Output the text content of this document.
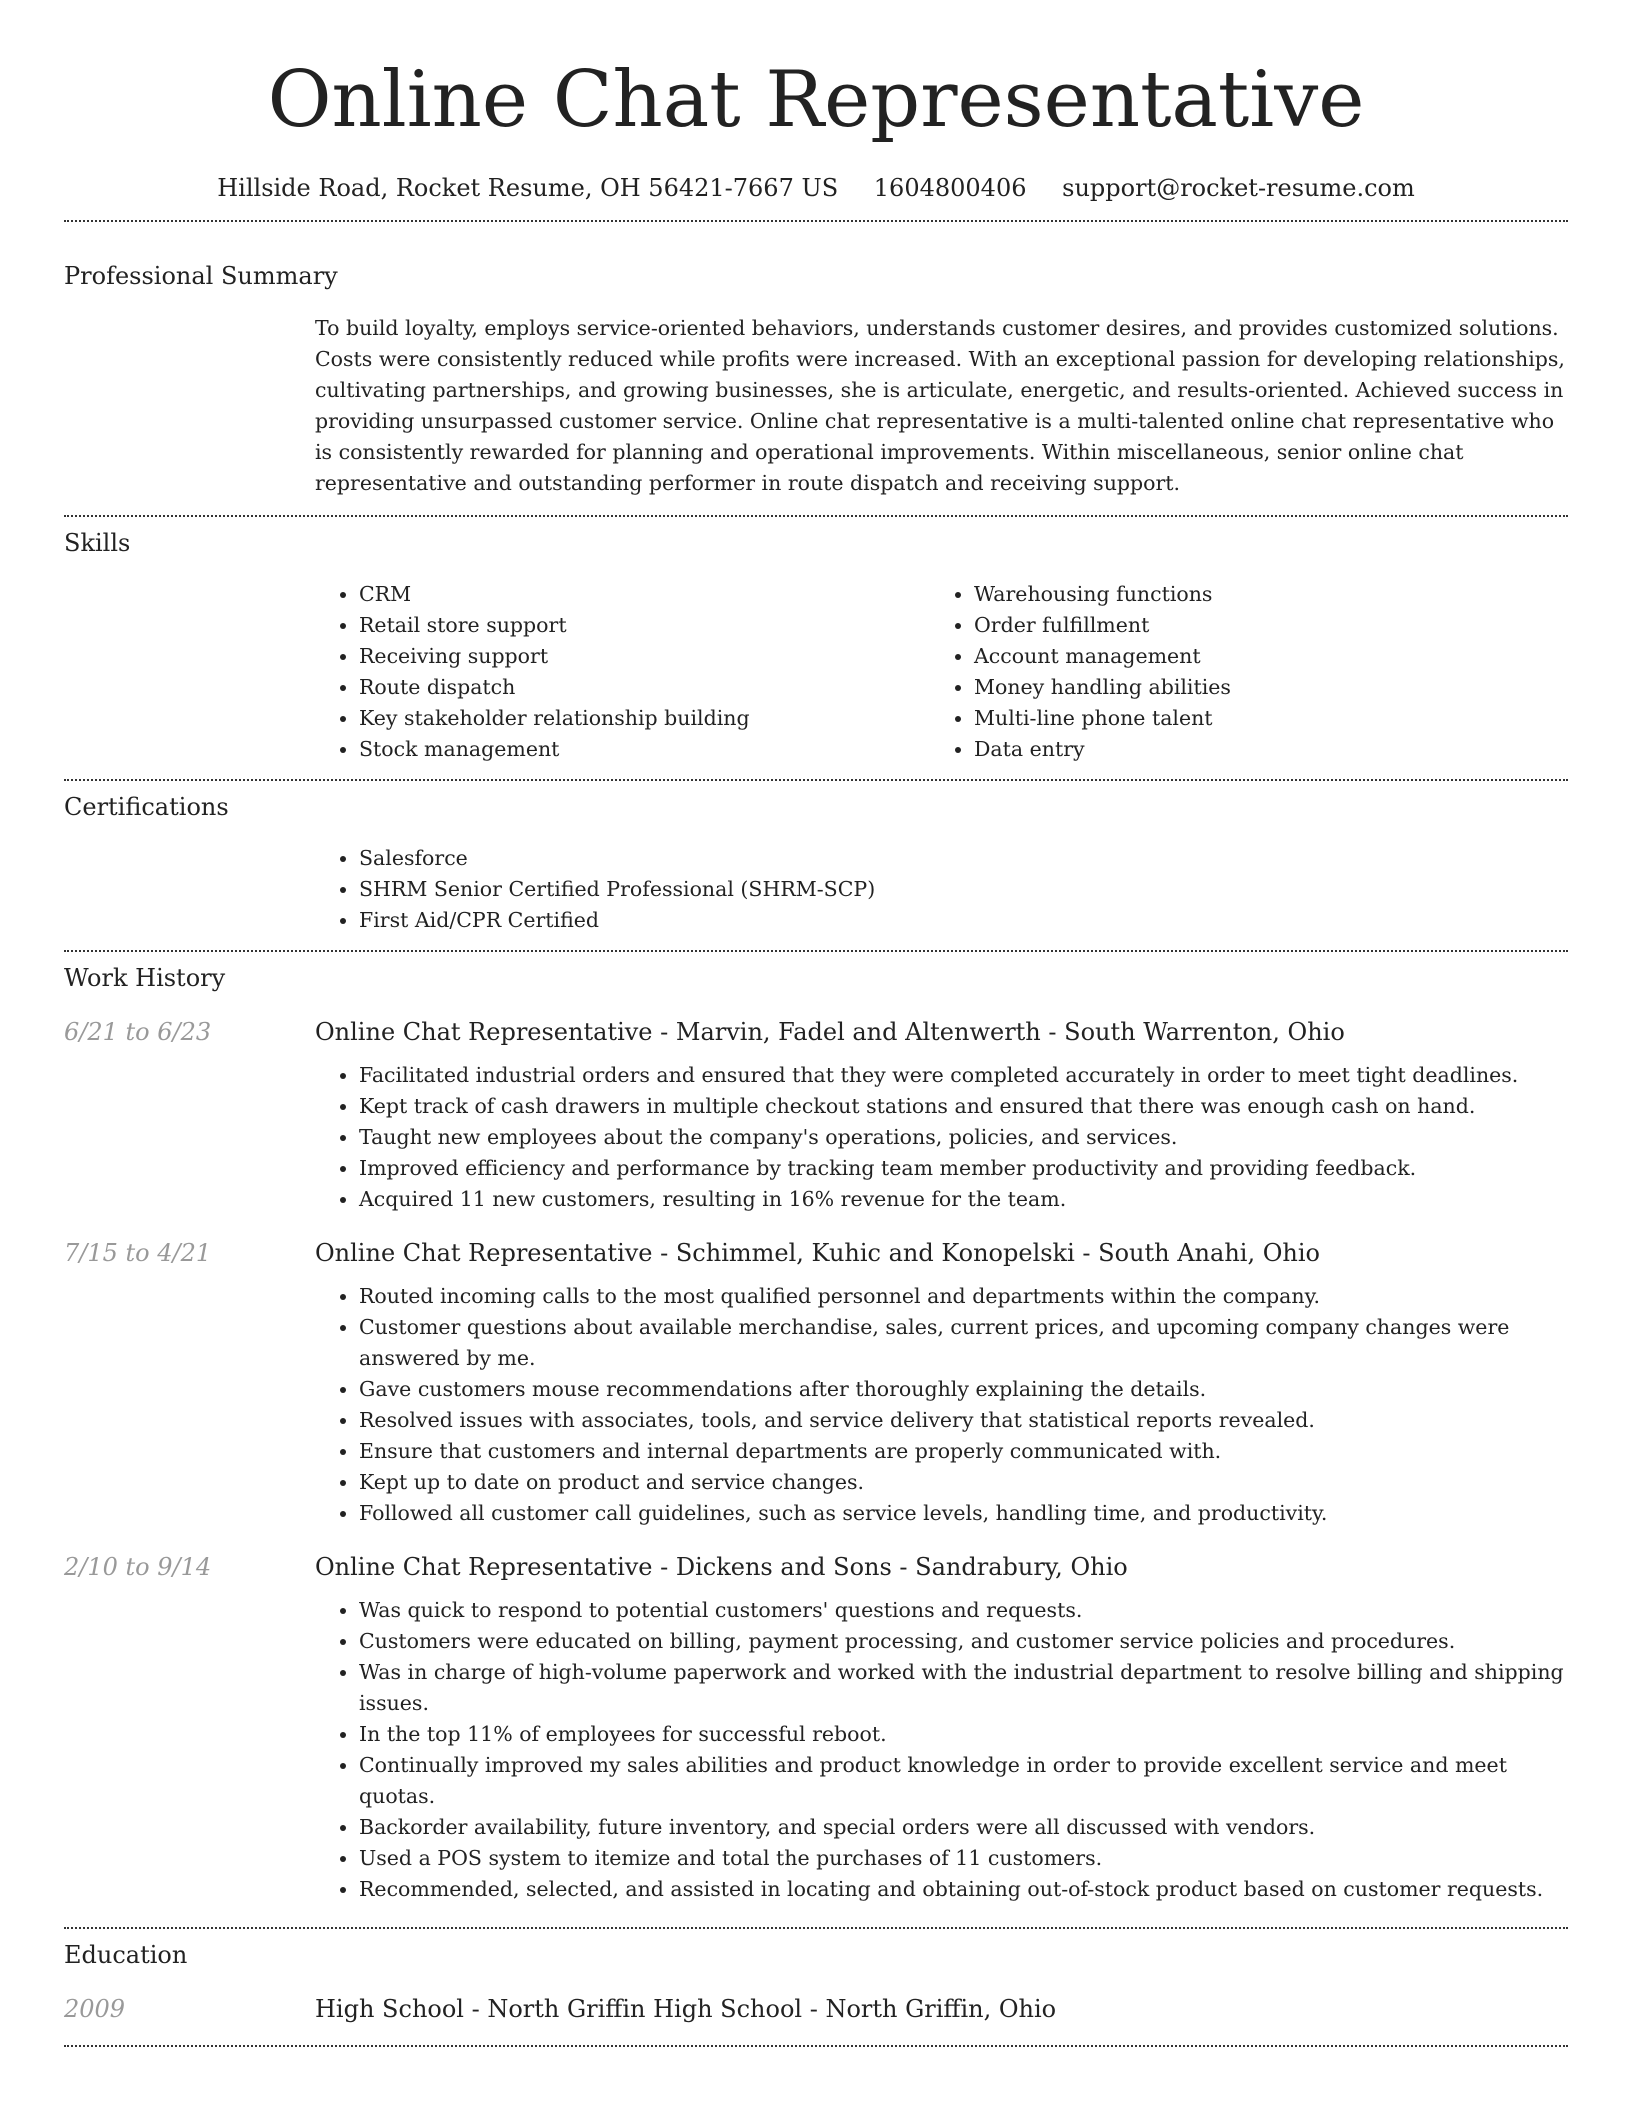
Online Chat Representative
Hillside Road, Rocket Resume, OH 56421-7667 US 1604800406 support@rocket-resume.com
Professional Summary

To build loyalty, employs service-oriented behaviors, understands customer desires, and provides customized solutions. Costs were consistently reduced while profits were increased. With an exceptional passion for developing relationships, cultivating partnerships, and growing businesses, she is articulate, energetic, and results-oriented. Achieved success in providing unsurpassed customer service. Online chat representative is a multi-talented online chat representative who is consistently rewarded for planning and operational improvements. Within miscellaneous, senior online chat representative and outstanding performer in route dispatch and receiving support.

Skills
• CRM
• Retail store support
• Receiving support
• Route dispatch
• Key stakeholder relationship building
• Stock management
• Warehousing functions
• Order fulfillment
• Account management
• Money handling abilities
• Multi-line phone talent
• Data entry
Certifications
• Salesforce
• SHRM Senior Certified Professional (SHRM-SCP)
• First Aid/CPR Certified
Work History
6/21 to 6/23	Online Chat Representative - Marvin, Fadel and Altenwerth - South Warrenton, Ohio
• Facilitated industrial orders and ensured that they were completed accurately in order to meet tight deadlines.
• Kept track of cash drawers in multiple checkout stations and ensured that there was enough cash on hand.
• Taught new employees about the company's operations, policies, and services.
• Improved efficiency and performance by tracking team member productivity and providing feedback.
• Acquired 11 new customers, resulting in 16% revenue for the team.
7/15 to 4/21	Online Chat Representative - Schimmel, Kuhic and Konopelski - South Anahi, Ohio
• Routed incoming calls to the most qualified personnel and departments within the company.
• Customer questions about available merchandise, sales, current prices, and upcoming company changes were answered by me.
• Gave customers mouse recommendations after thoroughly explaining the details.
• Resolved issues with associates, tools, and service delivery that statistical reports revealed.
• Ensure that customers and internal departments are properly communicated with.
• Kept up to date on product and service changes.
• Followed all customer call guidelines, such as service levels, handling time, and productivity.
2/10 to 9/14	Online Chat Representative - Dickens and Sons - Sandrabury, Ohio
• Was quick to respond to potential customers' questions and requests.
• Customers were educated on billing, payment processing, and customer service policies and procedures.
• Was in charge of high-volume paperwork and worked with the industrial department to resolve billing and shipping issues.
• In the top 11% of employees for successful reboot.
• Continually improved my sales abilities and product knowledge in order to provide excellent service and meet quotas.
• Backorder availability, future inventory, and special orders were all discussed with vendors.
• Used a POS system to itemize and total the purchases of 11 customers.
• Recommended, selected, and assisted in locating and obtaining out-of-stock product based on customer requests.
Education
2009	High School - North Griffin High School - North Griffin, Ohio
